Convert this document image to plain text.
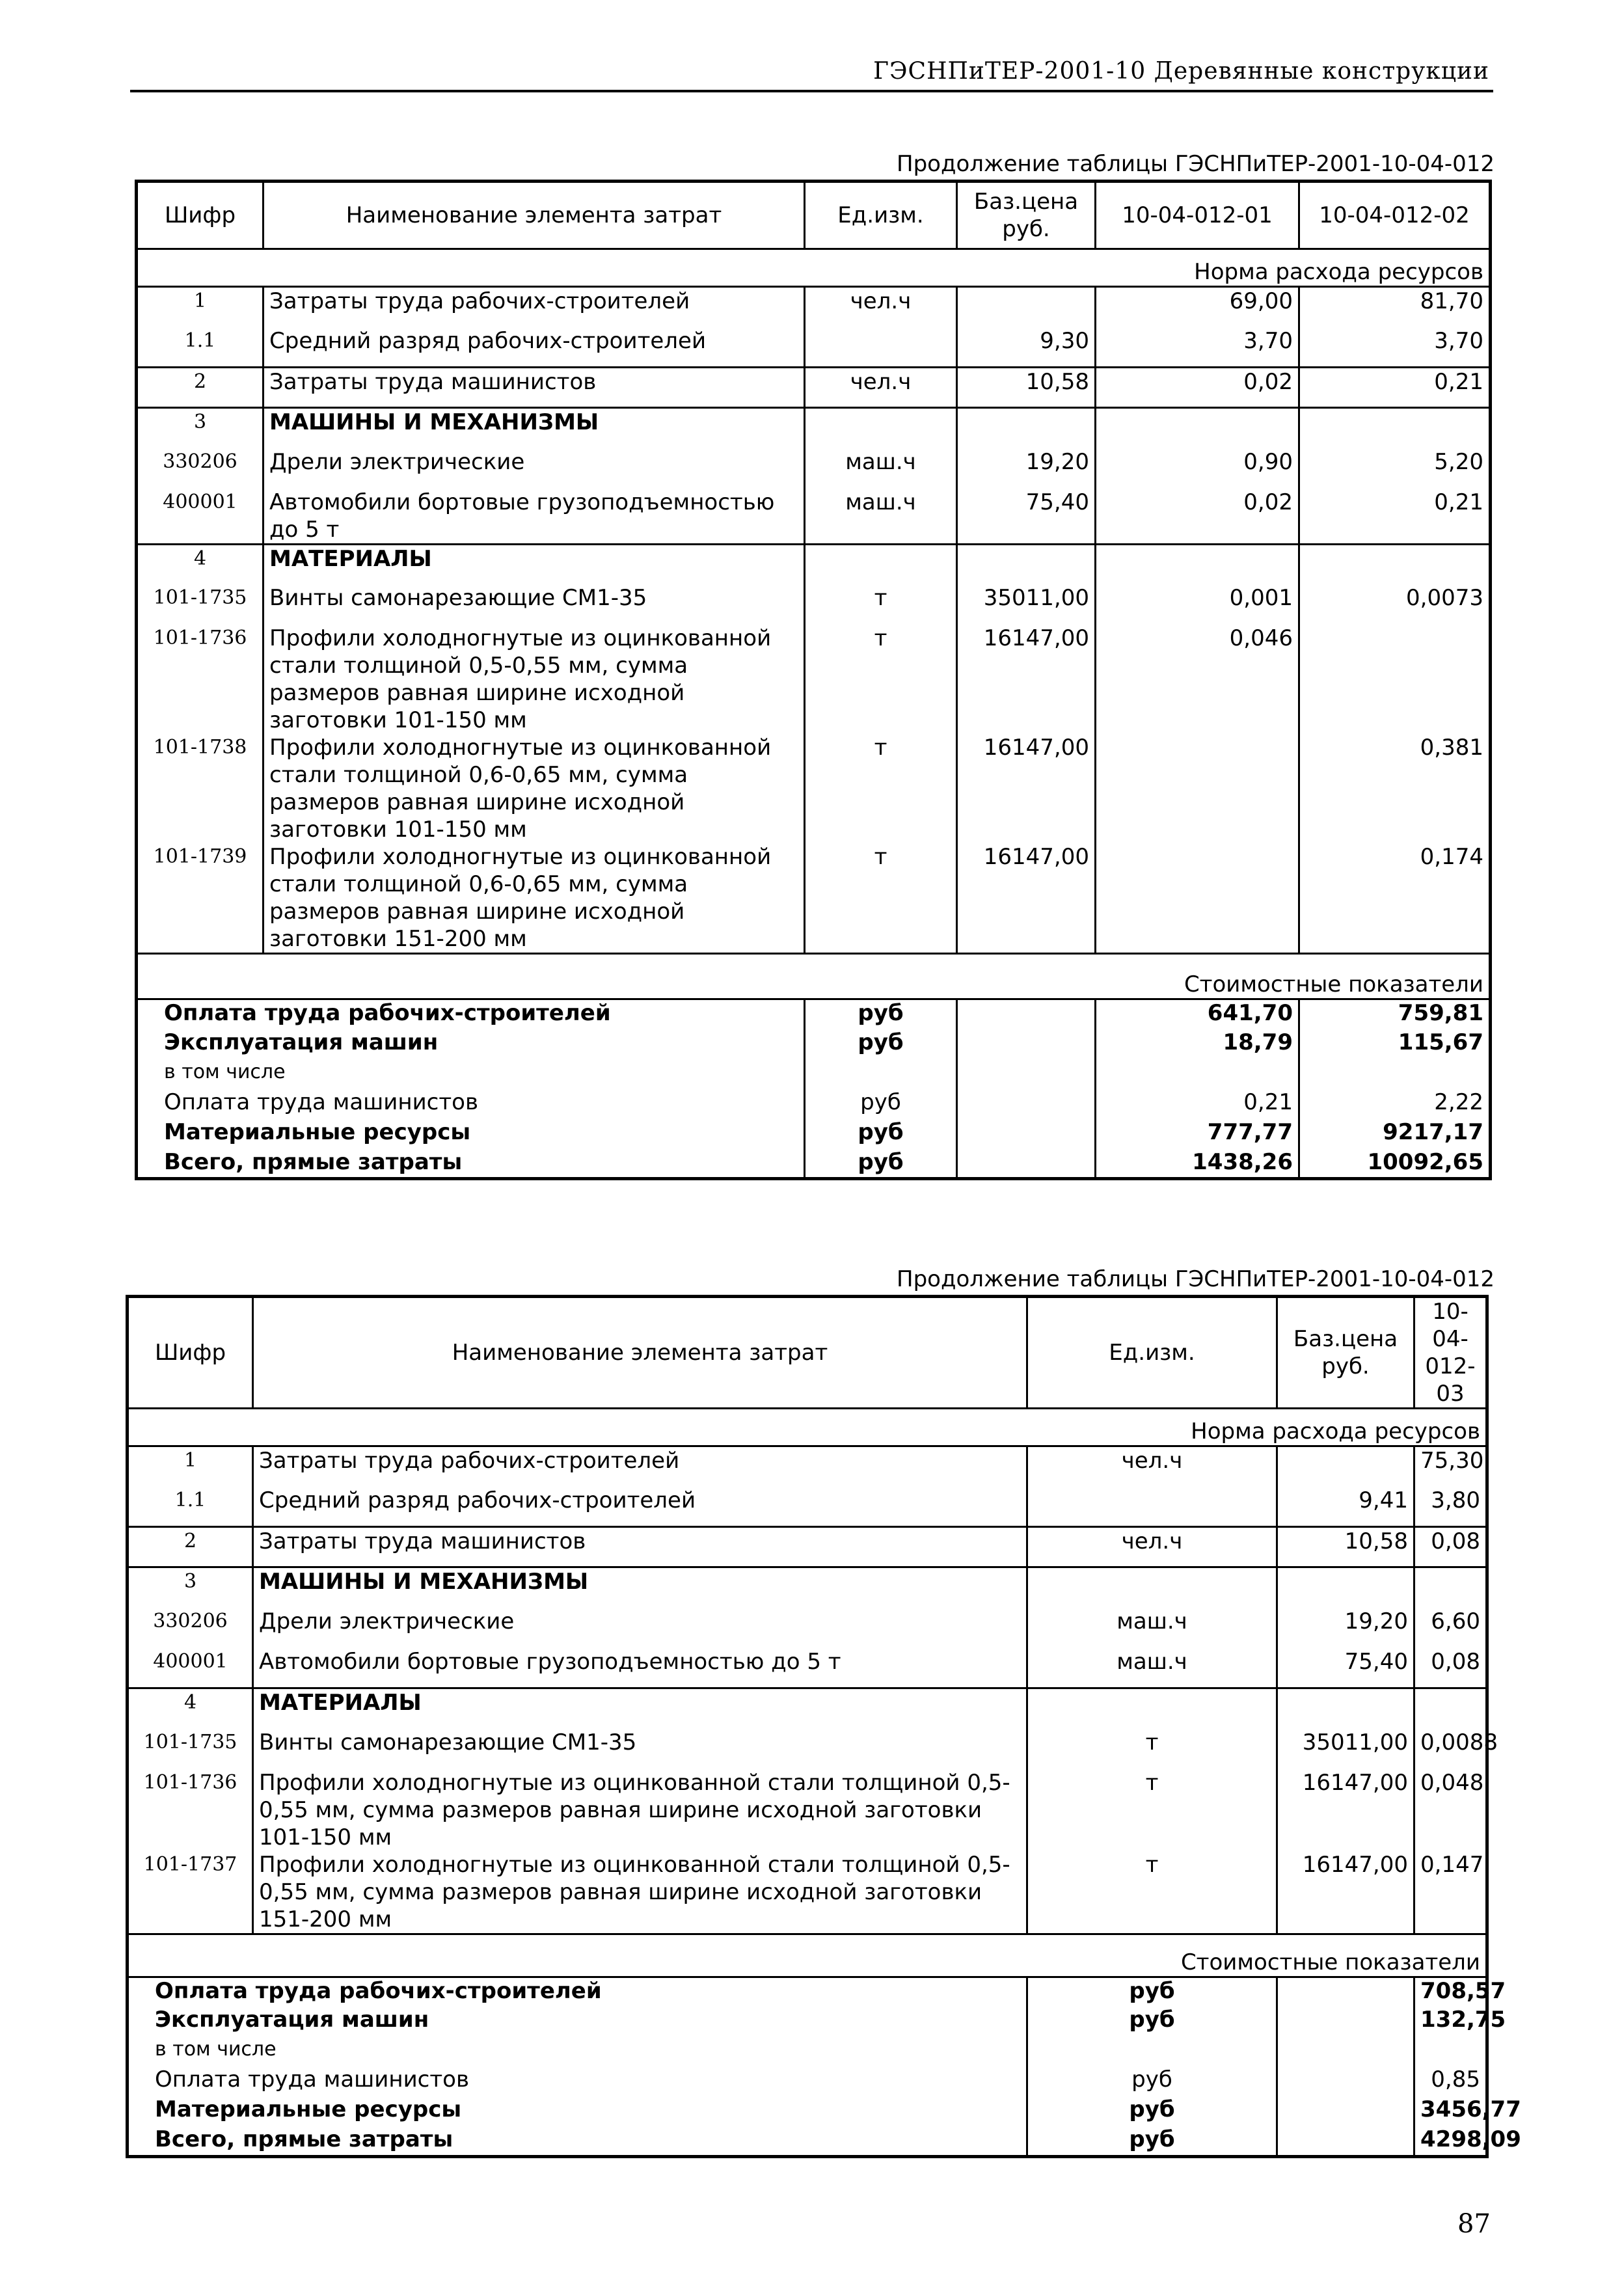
ГЭСНПиТЕР-2001-10 Деревянные конструкции
Продолжение таблицы ГЭСНПиТЕР-2001-10-04-012
Шифр	Наименование элемента затрат	Ед.изм.	Баз.цена руб.	10-04-012-01	10-04-012-02
Норма расхода ресурсов					
1	Затраты труда рабочих-строителей	чел.ч		69,00	81,70
1.1	Средний разряд рабочих-строителей		9,30	3,70	3,70
2	Затраты труда машинистов	чел.ч	10,58	0,02	0,21
3	МАШИНЫ И МЕХАНИЗМЫ				
330206	Дрели электрические	маш.ч	19,20	0,90	5,20
400001	Автомобили бортовые грузоподъемностью до 5 т	маш.ч	75,40	0,02	0,21
4	МАТЕРИАЛЫ				
101-1735	Винты самонарезающие СМ1-35	т	35011,00	0,001	0,0073
101-1736	Профили холодногнутые из оцинкованной стали толщиной 0,5-0,55 мм, сумма размеров равная ширине исходной заготовки 101-150 мм	т	16147,00	0,046	
101-1738	Профили холодногнутые из оцинкованной стали толщиной 0,6-0,65 мм, сумма размеров равная ширине исходной заготовки 101-150 мм	т	16147,00		0,381
101-1739	Профили холодногнутые из оцинкованной стали толщиной 0,6-0,65 мм, сумма размеров равная ширине исходной заготовки 151-200 мм	т	16147,00		0,174
Стоимостные показатели					
Оплата труда рабочих-строителей		руб		641,70	759,81
Эксплуатация машин		руб		18,79	115,67
в том числе					
Оплата труда машинистов		руб		0,21	2,22
Материальные ресурсы		руб		777,77	9217,17
Всего, прямые затраты		руб		1438,26	10092,65
Продолжение таблицы ГЭСНПиТЕР-2001-10-04-012
Шифр	Наименование элемента затрат	Ед.изм.	Баз.цена руб.	10-04-012-03
Норма расхода ресурсов				
1	Затраты труда рабочих-строителей	чел.ч		75,30
1.1	Средний разряд рабочих-строителей		9,41	3,80
2	Затраты труда машинистов	чел.ч	10,58	0,08
3	МАШИНЫ И МЕХАНИЗМЫ			
330206	Дрели электрические	маш.ч	19,20	6,60
400001	Автомобили бортовые грузоподъемностью до 5 т	маш.ч	75,40	0,08
4	МАТЕРИАЛЫ			
101-1735	Винты самонарезающие СМ1-35	т	35011,00	0,0088
101-1736	Профили холодногнутые из оцинкованной стали толщиной 0,5-0,55 мм, сумма размеров равная ширине исходной заготовки 101-150 мм	т	16147,00	0,048
101-1737	Профили холодногнутые из оцинкованной стали толщиной 0,5-0,55 мм, сумма размеров равная ширине исходной заготовки 151-200 мм	т	16147,00	0,147
Стоимостные показатели				
Оплата труда рабочих-строителей		руб		708,57
Эксплуатация машин		руб		132,75
в том числе				
Оплата труда машинистов		руб		0,85
Материальные ресурсы		руб		3456,77
Всего, прямые затраты		руб		4298,09
87
